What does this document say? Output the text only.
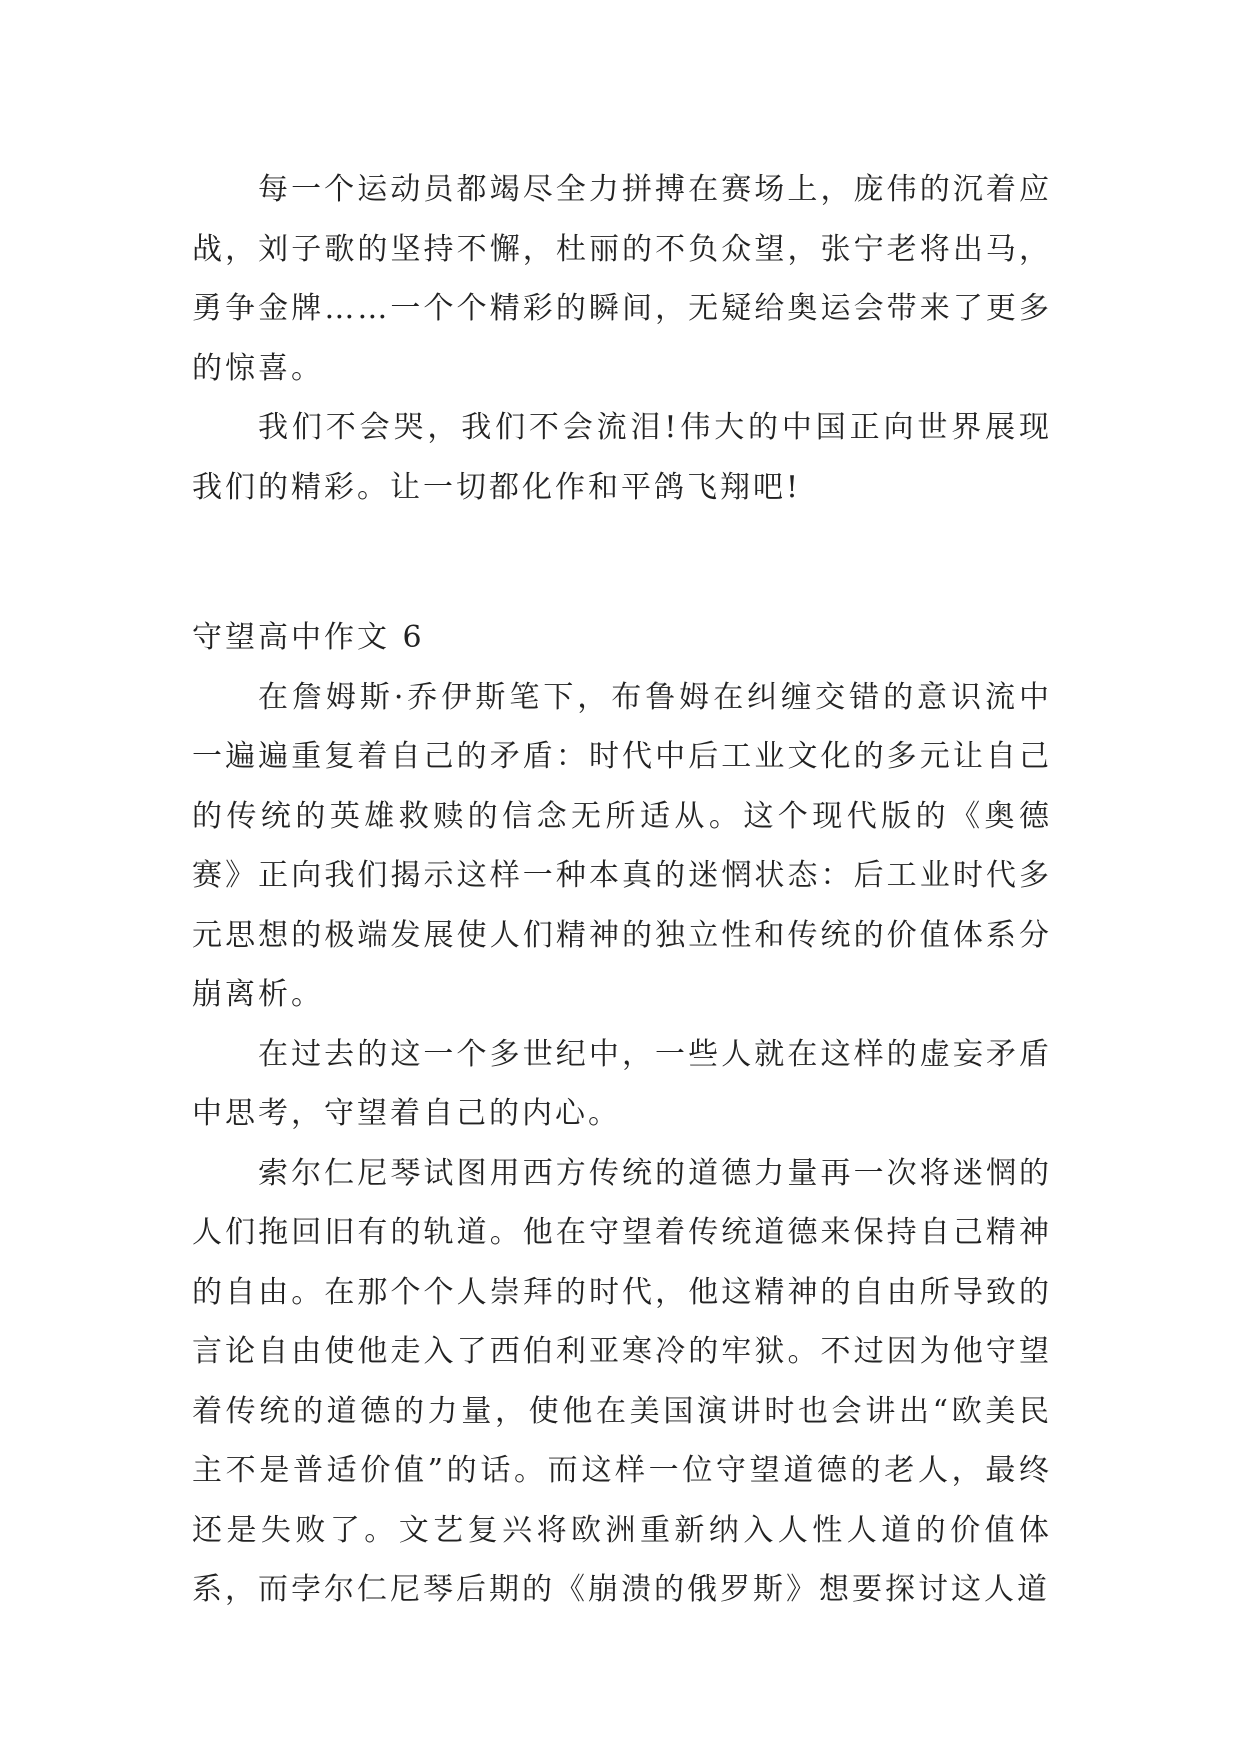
每一个运动员都竭尽全力拼搏在赛场上，庞伟的沉着应战，刘子歌的坚持不懈，杜丽的不负众望，张宁老将出马，勇争金牌……一个个精彩的瞬间，无疑给奥运会带来了更多的惊喜。

我们不会哭，我们不会流泪!伟大的中国正向世界展现我们的精彩。让一切都化作和平鸽飞翔吧!

守望高中作文 6

在詹姆斯·乔伊斯笔下，布鲁姆在纠缠交错的意识流中一遍遍重复着自己的矛盾：时代中后工业文化的多元让自己的传统的英雄救赎的信念无所适从。这个现代版的《奥德赛》正向我们揭示这样一种本真的迷惘状态：后工业时代多元思想的极端发展使人们精神的独立性和传统的价值体系分崩离析。

在过去的这一个多世纪中，一些人就在这样的虚妄矛盾中思考，守望着自己的内心。

索尔仁尼琴试图用西方传统的道德力量再一次将迷惘的人们拖回旧有的轨道。他在守望着传统道德来保持自己精神的自由。在那个个人崇拜的时代，他这精神的自由所导致的言论自由使他走入了西伯利亚寒冷的牢狱。不过因为他守望着传统的道德的力量，使他在美国演讲时也会讲出“欧美民主不是普适价值”的话。而这样一位守望道德的老人，最终还是失败了。文艺复兴将欧洲重新纳入人性人道的价值体系，而孛尔仁尼琴后期的《崩溃的俄罗斯》想要探讨这人道
